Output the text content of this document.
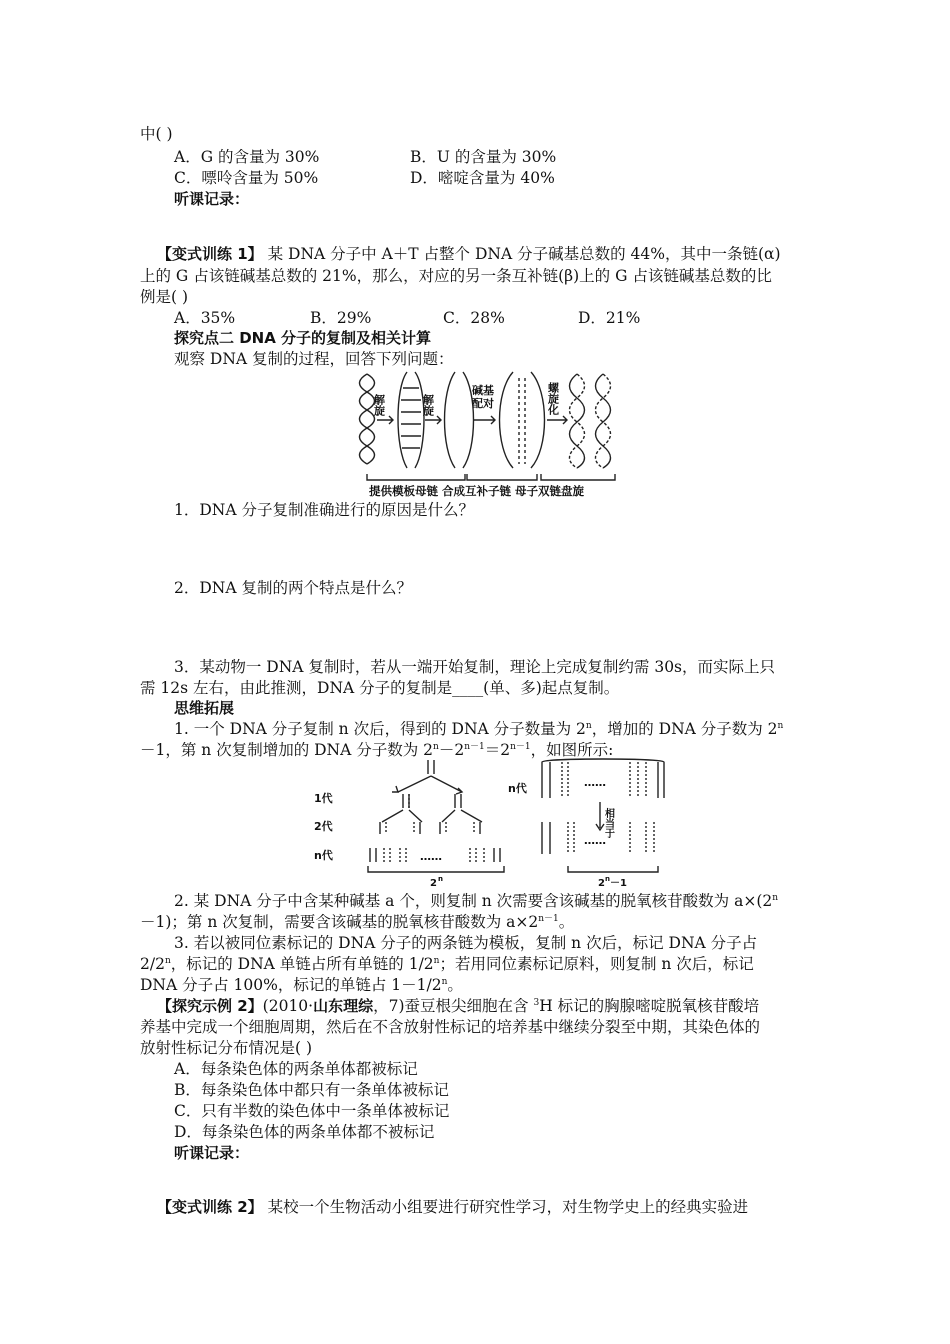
中( )
A．G 的含量为 30%	B．U 的含量为 30%
C．嘌呤含量为 50%	D．嘧啶含量为 40%
听课记录：
【变式训练 1】 某 DNA 分子中 A＋T 占整个 DNA 分子碱基总数的 44%，其中一条链(α)
上的 G 占该链碱基总数的 21%，那么，对应的另一条互补链(β)上的 G 占该链碱基总数的比
例是( )
A．35%	B．29%	C．28%	D．21%
探究点二 DNA 分子的复制及相关计算
观察 DNA 复制的过程，回答下列问题：
解旋	解旋
碱基
配对	螺旋化
提供模板母链 合成互补子链 母子双链盘旋
1．DNA 分子复制准确进行的原因是什么？
2．DNA 复制的两个特点是什么？
3．某动物一 DNA 复制时，若从一端开始复制，理论上完成复制约需 30s，而实际上只
需 12s 左右，由此推测，DNA 分子的复制是____(单、多)起点复制。
思维拓展
1. 一个 DNA 分子复制 n 次后，得到的 DNA 分子数量为 2$^n$，增加的 DNA 分子数为 $2^n$
－1，第 n 次复制增加的 DNA 分子数为 $2^n-2^{n-1}=2^{n-1}$，如图所示:
1代
2代
n代
n代
……
……
……
相当于
2	$2^n-1$
n
2. 某 DNA 分子中含某种碱基 a 个，则复制 n 次需要含该碱基的脱氧核苷酸数为 $a\times(2^n$
－1)；第 n 次复制，需要含该碱基的脱氧核苷酸数为 $a\times 2^{n-1}$。
3. 若以被同位素标记的 DNA 分子的两条链为模板，复制 n 次后，标记 DNA 分子占
2/2$^n$，标记的 DNA 单链占所有单链的 1/2$^n$；若用同位素标记原料，则复制 n 次后，标记
DNA 分子占 100%，标记的单链占 $1-1/2^n$。
【探究示例 2】(2010·山东理综，7)蚕豆根尖细胞在含 $^3$H 标记的胸腺嘧啶脱氧核苷酸培
养基中完成一个细胞周期，然后在不含放射性标记的培养基中继续分裂至中期，其染色体的
放射性标记分布情况是( )
A．每条染色体的两条单体都被标记
B．每条染色体中都只有一条单体被标记
C．只有半数的染色体中一条单体被标记
D．每条染色体的两条单体都不被标记
听课记录：
【变式训练 2】 某校一个生物活动小组要进行研究性学习，对生物学史上的经典实验进
